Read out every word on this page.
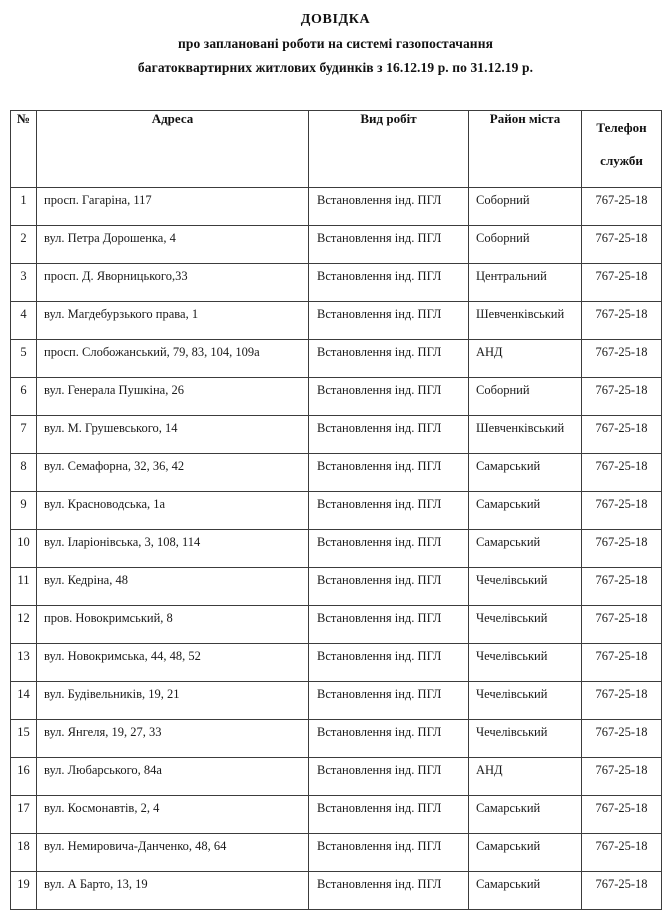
ДОВІДКА
про заплановані роботи на системі газопостачання
багатоквартирних житлових будинків з 16.12.19 р. по 31.12.19 р.
№	Адреса	Вид робіт	Район міста	Телефон
служби

1	просп. Гагаріна, 117	Встановлення інд. ПГЛ	Соборний	767-25-18

2	вул. Петра Дорошенка, 4	Встановлення інд. ПГЛ	Соборний	767-25-18

3	просп. Д. Яворницького,33	Встановлення інд. ПГЛ	Центральний	767-25-18

4	вул. Магдебурзького права, 1	Встановлення інд. ПГЛ	Шевченківський	767-25-18

5	просп. Слобожанський, 79, 83, 104, 109а	Встановлення інд. ПГЛ	АНД	767-25-18

6	вул. Генерала Пушкіна, 26	Встановлення інд. ПГЛ	Соборний	767-25-18

7	вул. М. Грушевського, 14	Встановлення інд. ПГЛ	Шевченківський	767-25-18

8	вул. Семафорна, 32, 36, 42	Встановлення інд. ПГЛ	Самарський	767-25-18

9	вул. Красноводська, 1а	Встановлення інд. ПГЛ	Самарський	767-25-18

10	вул. Іларіонівська, 3, 108, 114	Встановлення інд. ПГЛ	Самарський	767-25-18

11	вул. Кедріна, 48	Встановлення інд. ПГЛ	Чечелівський	767-25-18

12	пров. Новокримський, 8	Встановлення інд. ПГЛ	Чечелівський	767-25-18

13	вул. Новокримська, 44, 48, 52	Встановлення інд. ПГЛ	Чечелівський	767-25-18

14	вул. Будівельників, 19, 21	Встановлення інд. ПГЛ	Чечелівський	767-25-18

15	вул. Янгеля, 19, 27, 33	Встановлення інд. ПГЛ	Чечелівський	767-25-18

16	вул. Любарського, 84а	Встановлення інд. ПГЛ	АНД	767-25-18

17	вул. Космонавтів, 2, 4	Встановлення інд. ПГЛ	Самарський	767-25-18

18	вул. Немировича-Данченко, 48, 64	Встановлення інд. ПГЛ	Самарський	767-25-18

19	вул. А Барто, 13, 19	Встановлення інд. ПГЛ	Самарський	767-25-18
